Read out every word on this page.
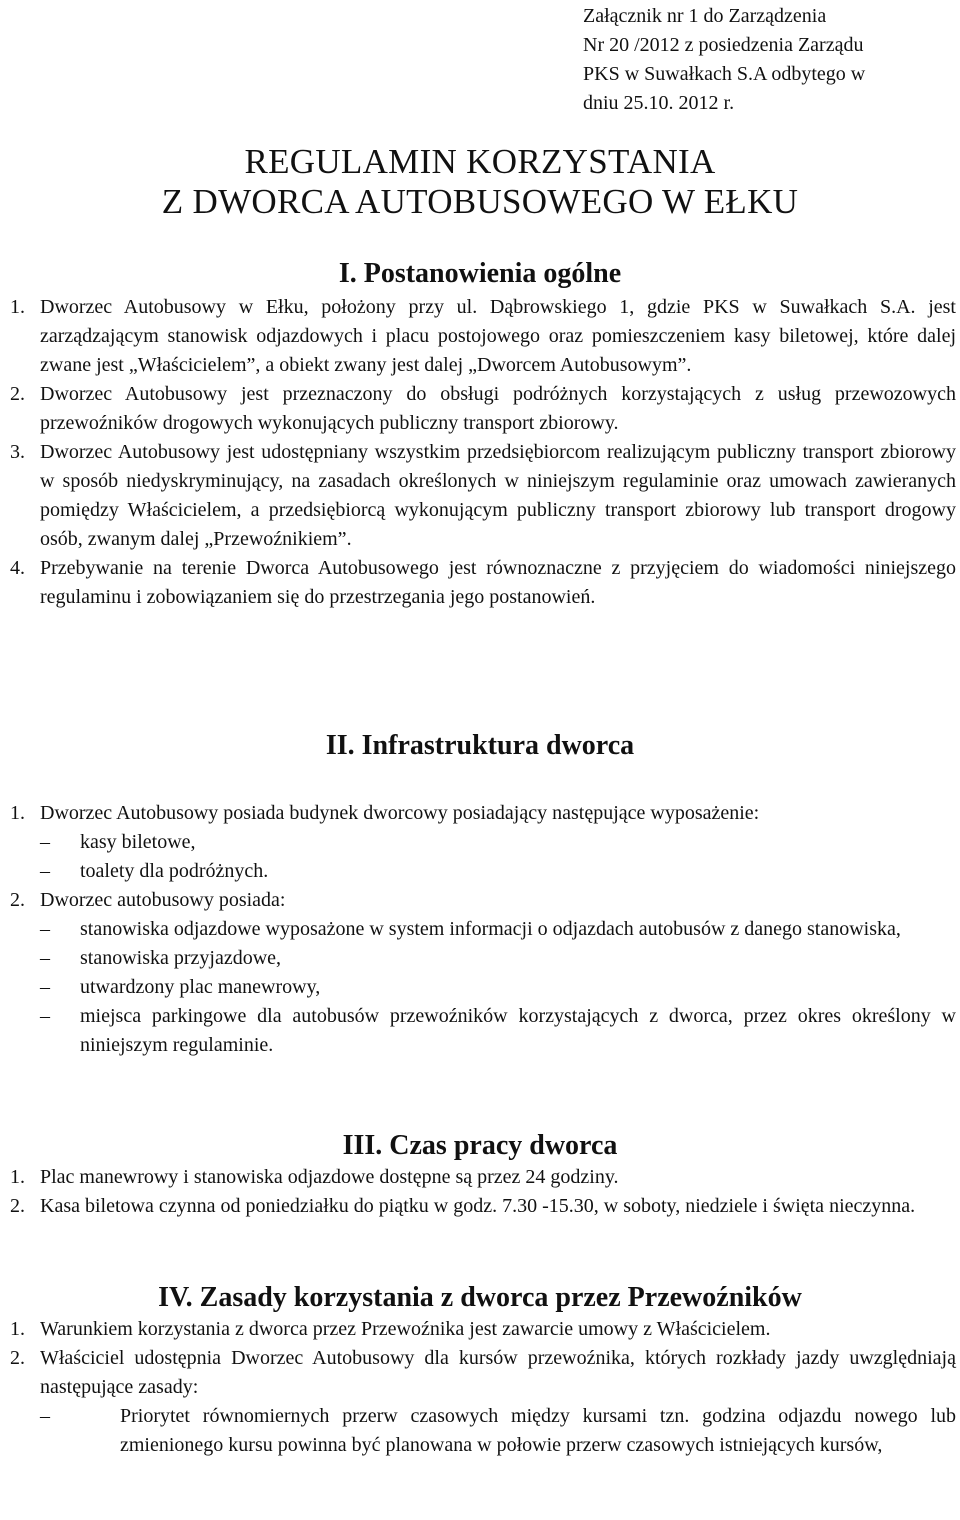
Załącznik nr 1 do Zarządzenia
Nr 20 /2012 z posiedzenia Zarządu
PKS w Suwałkach S.A odbytego w
dniu 25.10. 2012 r.
REGULAMIN KORZYSTANIA
Z DWORCA AUTOBUSOWEGO W EŁKU
I. Postanowienia ogólne
1. Dworzec Autobusowy w Ełku, położony przy ul. Dąbrowskiego 1, gdzie PKS w Suwałkach S.A. jest zarządzającym stanowisk odjazdowych i placu postojowego oraz pomieszczeniem kasy biletowej, które dalej zwane jest „Właścicielem”, a obiekt zwany jest dalej „Dworcem Autobusowym”.
2. Dworzec Autobusowy jest przeznaczony do obsługi podróżnych korzystających z usług przewozowych przewoźników drogowych wykonujących publiczny transport zbiorowy.
3. Dworzec Autobusowy jest udostępniany wszystkim przedsiębiorcom realizującym publiczny transport zbiorowy w sposób niedyskryminujący, na zasadach określonych w niniejszym regulaminie oraz umowach zawieranych pomiędzy Właścicielem, a przedsiębiorcą wykonującym publiczny transport zbiorowy lub transport drogowy osób, zwanym dalej „Przewoźnikiem”.
4. Przebywanie na terenie Dworca Autobusowego jest równoznaczne z przyjęciem do wiadomości niniejszego regulaminu i zobowiązaniem się do przestrzegania jego postanowień.
II. Infrastruktura dworca
1. Dworzec Autobusowy posiada budynek dworcowy posiadający następujące wyposażenie:
–	kasy biletowe,
–	toalety dla podróżnych.
2. Dworzec autobusowy posiada:
–	stanowiska odjazdowe wyposażone w system informacji o odjazdach autobusów z danego stanowiska,
–	stanowiska przyjazdowe,
–	utwardzony plac manewrowy,
–	miejsca parkingowe dla autobusów przewoźników korzystających z dworca, przez okres określony w niniejszym regulaminie.
III. Czas pracy dworca
1. Plac manewrowy i stanowiska odjazdowe dostępne są przez 24 godziny.
2. Kasa biletowa czynna od poniedziałku do piątku w godz. 7.30 -15.30, w soboty, niedziele i święta nieczynna.
IV. Zasady korzystania z dworca przez Przewoźników
1. Warunkiem korzystania z dworca przez Przewoźnika jest zawarcie umowy z Właścicielem.
2. Właściciel udostępnia Dworzec Autobusowy dla kursów przewoźnika, których rozkłady jazdy uwzględniają następujące zasady:
–	Priorytet równomiernych przerw czasowych między kursami tzn. godzina odjazdu nowego lub zmienionego kursu powinna być planowana w połowie przerw czasowych istniejących kursów,
